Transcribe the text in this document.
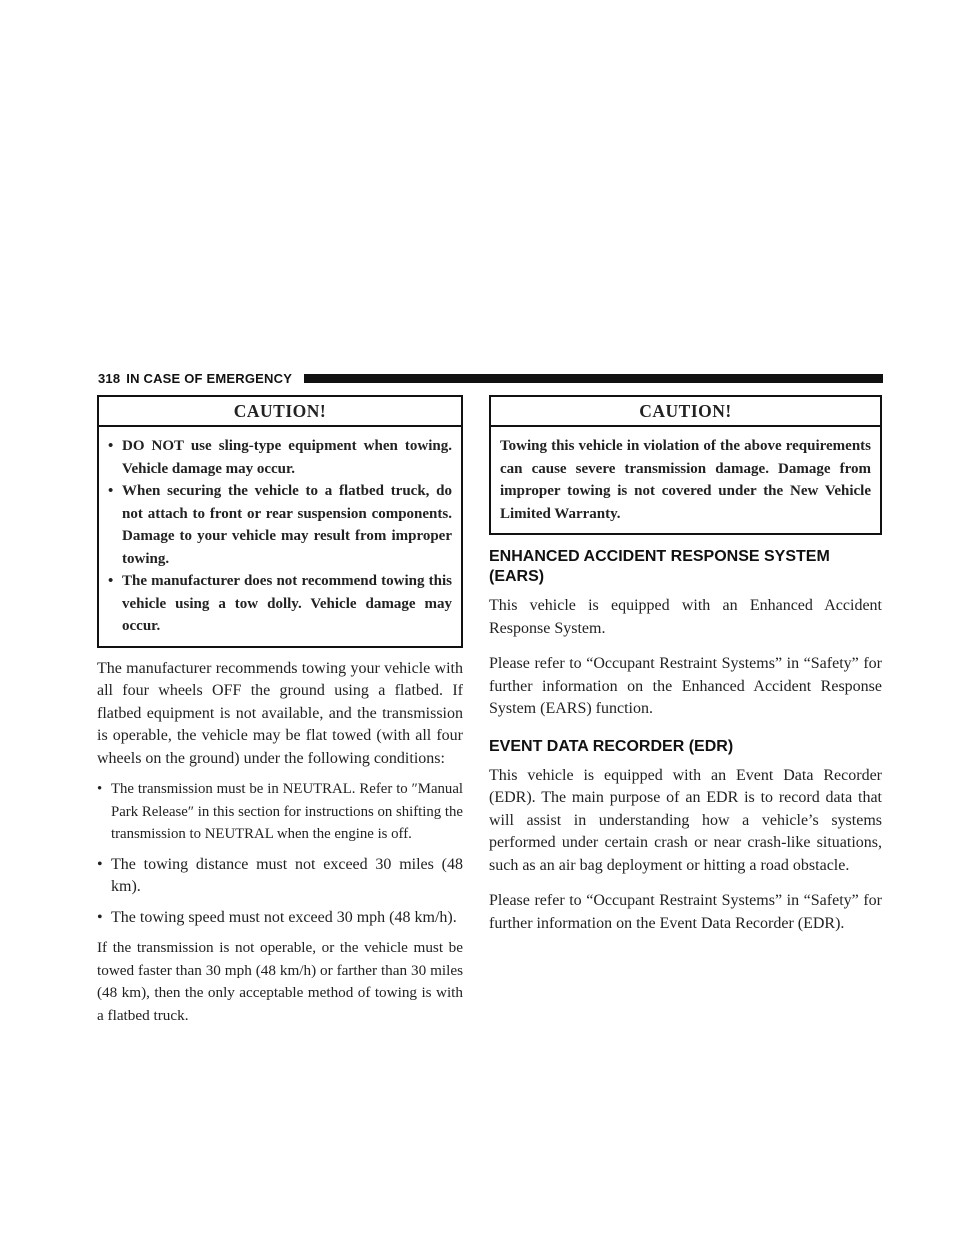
318 IN CASE OF EMERGENCY
CAUTION!
• DO NOT use sling-type equipment when towing. Vehicle damage may occur.
• When securing the vehicle to a flatbed truck, do not attach to front or rear suspension components. Damage to your vehicle may result from improper towing.
• The manufacturer does not recommend towing this vehicle using a tow dolly. Vehicle damage may occur.

The manufacturer recommends towing your vehicle with all four wheels OFF the ground using a flatbed. If flatbed equipment is not available, and the transmission is operable, the vehicle may be flat towed (with all four wheels on the ground) under the following conditions:

• The transmission must be in NEUTRAL. Refer to ″Manual Park Release″ in this section for instructions on shifting the transmission to NEUTRAL when the engine is off.
• The towing distance must not exceed 30 miles (48 km).
• The towing speed must not exceed 30 mph (48 km/h).

If the transmission is not operable, or the vehicle must be towed faster than 30 mph (48 km/h) or farther than 30 miles (48 km), then the only acceptable method of towing is with a flatbed truck.

CAUTION!

Towing this vehicle in violation of the above requirements can cause severe transmission damage. Damage from improper towing is not covered under the New Vehicle Limited Warranty.

ENHANCED ACCIDENT RESPONSE SYSTEM (EARS)

This vehicle is equipped with an Enhanced Accident Response System.

Please refer to “Occupant Restraint Systems” in “Safety” for further information on the Enhanced Accident Response System (EARS) function.

EVENT DATA RECORDER (EDR)

This vehicle is equipped with an Event Data Recorder (EDR). The main purpose of an EDR is to record data that will assist in understanding how a vehicle’s systems performed under certain crash or near crash-like situations, such as an air bag deployment or hitting a road obstacle.

Please refer to “Occupant Restraint Systems” in “Safety” for further information on the Event Data Recorder (EDR).
